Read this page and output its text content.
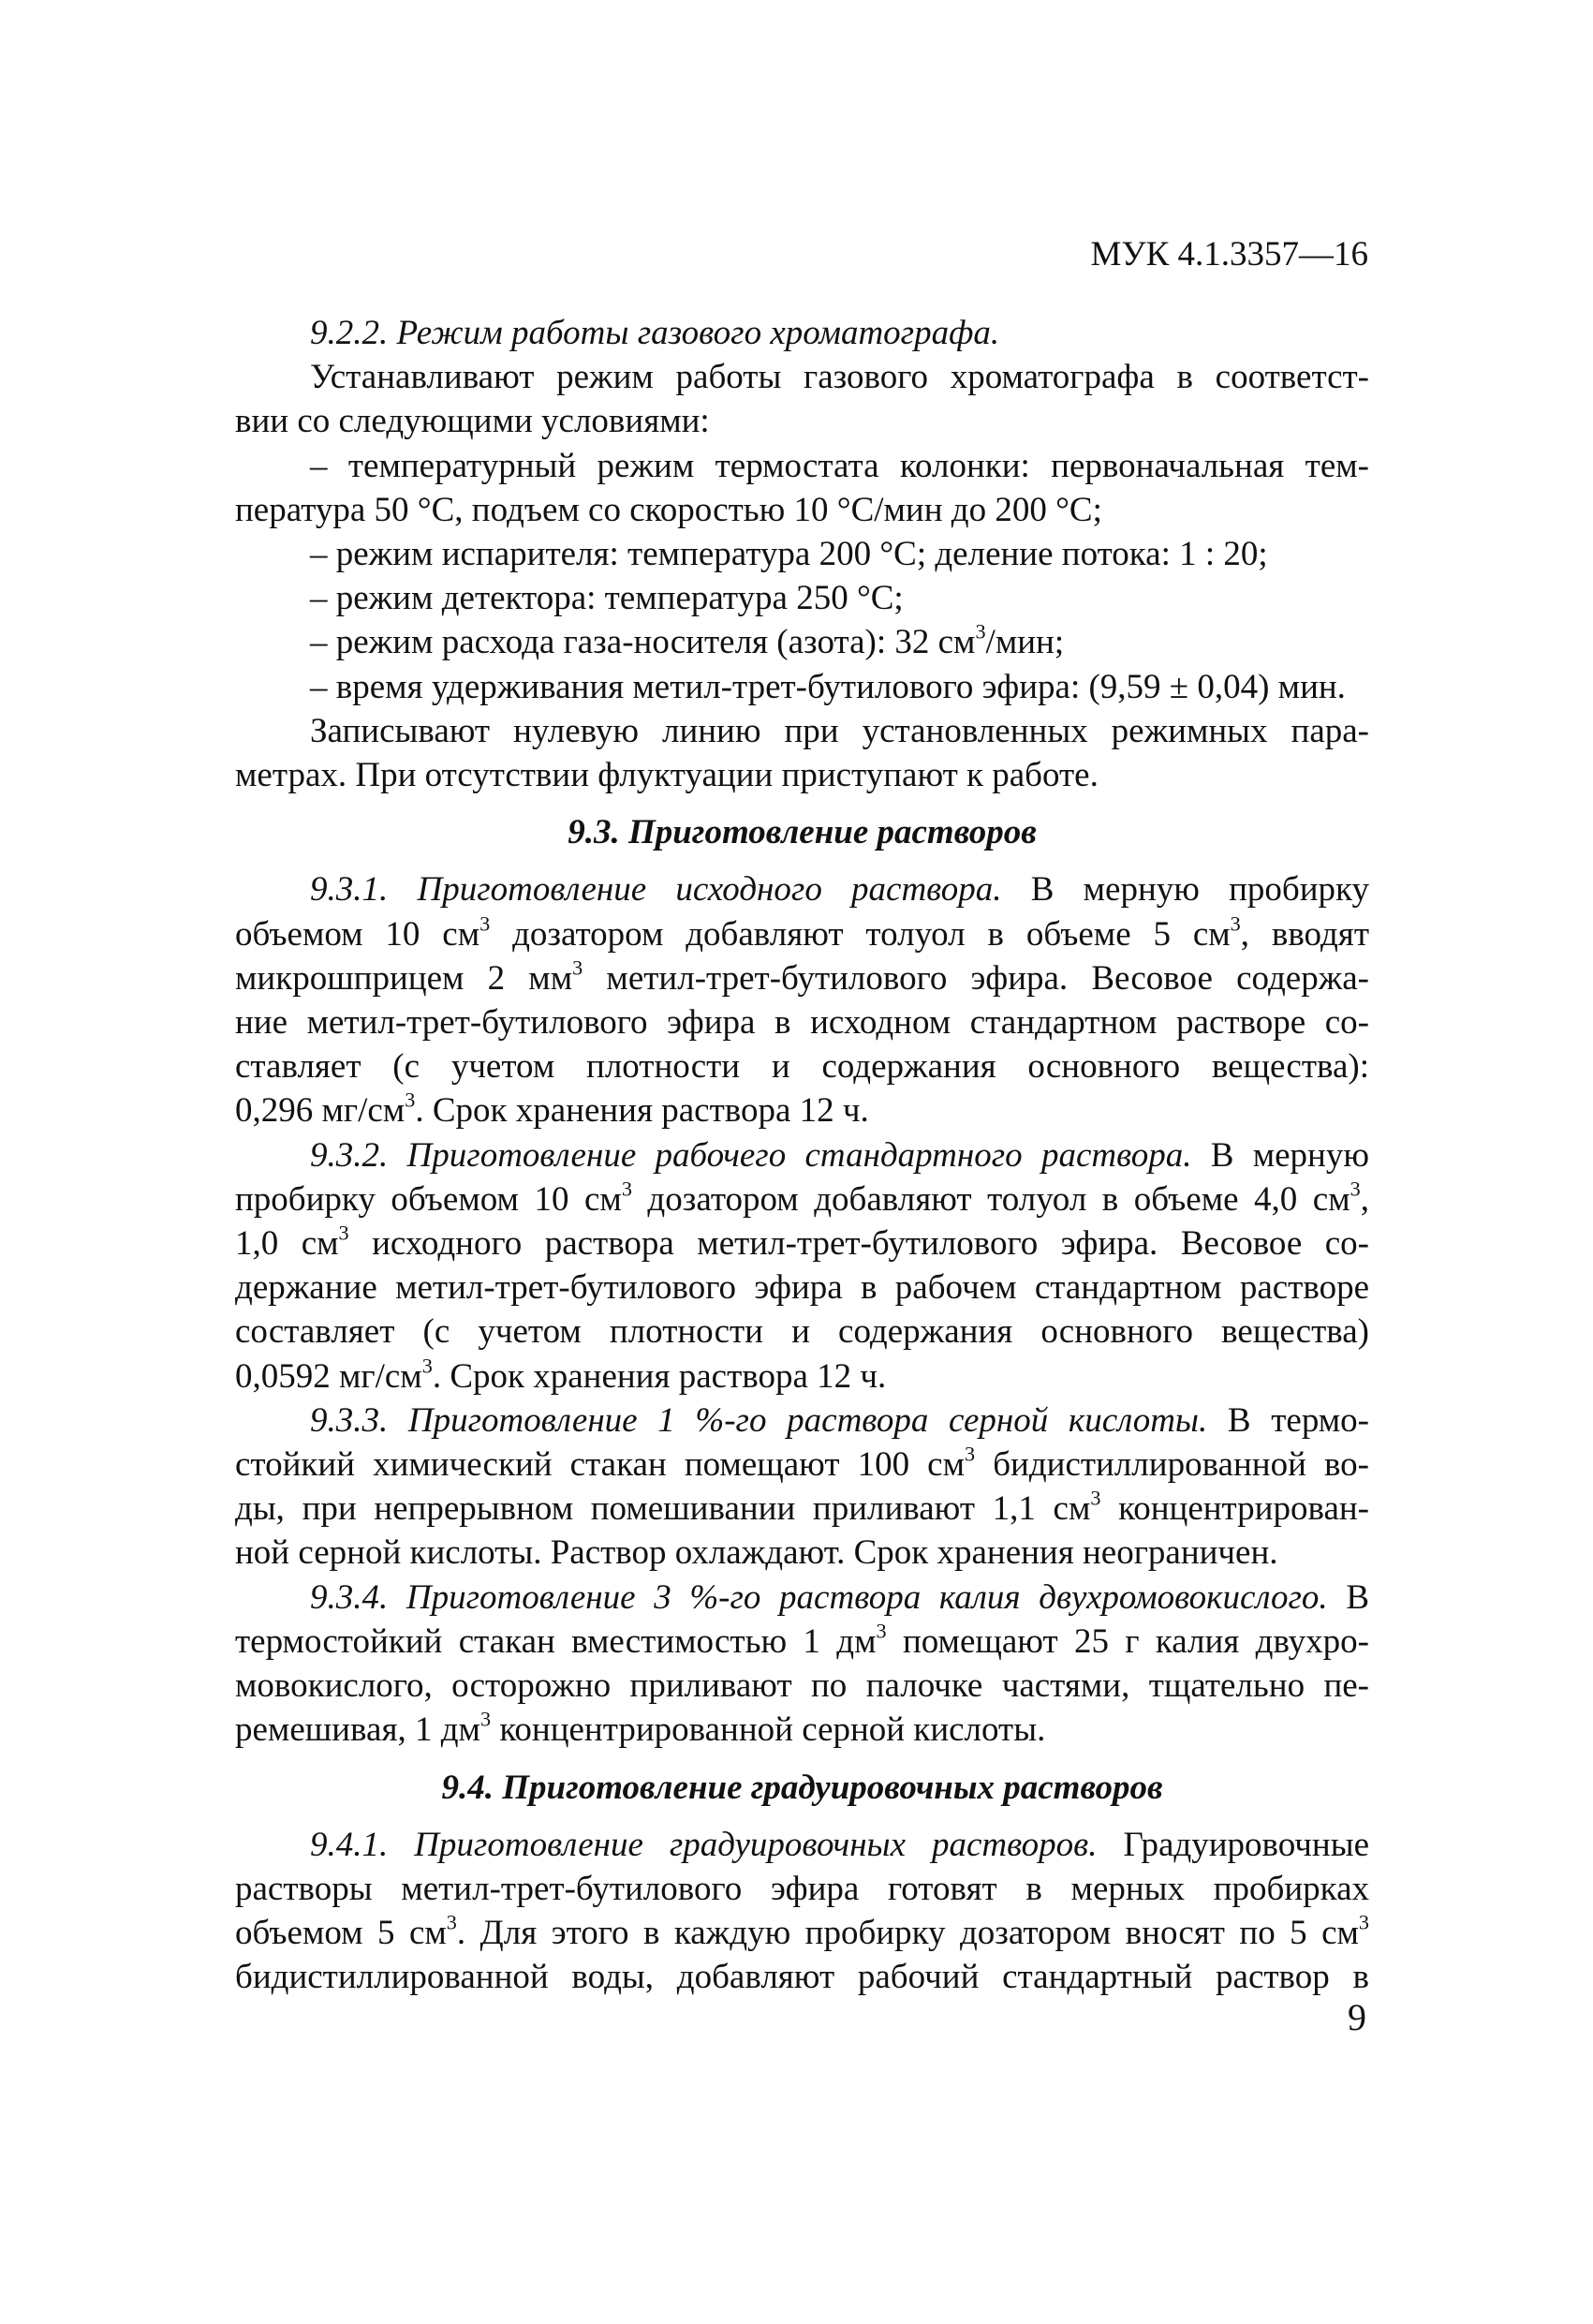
МУК 4.1.3357—16

9.2.2. Режим работы газового хроматографа.

Устанавливают режим работы газового хроматографа в соответст-

вии со следующими условиями:

– температурный режим термостата колонки: первоначальная тем-

пература 50 °С, подъем со скоростью 10 °С/мин до 200 °С;

– режим испарителя: температура 200 °С; деление потока: 1 : 20;

– режим детектора: температура 250 °С;

– режим расхода газа-носителя (азота): 32 $см^3$/мин;

– время удерживания метил-трет-бутилового эфира: (9,59 ± 0,04) мин.

Записывают нулевую линию при установленных режимных пара-

метрах. При отсутствии флуктуации приступают к работе.

9.3. Приготовление растворов

9.3.1. Приготовление исходного раствора. В мерную пробирку

объемом 10 $см^3$ дозатором добавляют толуол в объеме 5 $см^3$, вводят

микрошприцем 2 $мм^3$ метил-трет-бутилового эфира. Весовое содержа-

ние метил-трет-бутилового эфира в исходном стандартном растворе со-

ставляет (с учетом плотности и содержания основного вещества):

0,296 $мг/см^3$. Срок хранения раствора 12 ч.

9.3.2. Приготовление рабочего стандартного раствора. В мерную

пробирку объемом 10 $см^3$ дозатором добавляют толуол в объеме 4,0 $см^3$,

1,0 $см^3$ исходного раствора метил-трет-бутилового эфира. Весовое со-

держание метил-трет-бутилового эфира в рабочем стандартном растворе

составляет (с учетом плотности и содержания основного вещества)

0,0592 $мг/см^3$. Срок хранения раствора 12 ч.

9.3.3. Приготовление 1 %-го раствора серной кислоты. В термо-

стойкий химический стакан помещают 100 $см^3$ бидистиллированной во-

ды, при непрерывном помешивании приливают 1,1 $см^3$ концентрирован-

ной серной кислоты. Раствор охлаждают. Срок хранения неограничен.

9.3.4. Приготовление 3 %-го раствора калия двухромовокислого. В

термостойкий стакан вместимостью 1 $дм^3$ помещают 25 г калия двухро-

мовокислого, осторожно приливают по палочке частями, тщательно пе-

ремешивая, 1 $дм^3$ концентрированной серной кислоты.

9.4. Приготовление градуировочных растворов

9.4.1. Приготовление градуировочных растворов. Градуировочные

растворы метил-трет-бутилового эфира готовят в мерных пробирках

объемом 5 $см^3$. Для этого в каждую пробирку дозатором вносят по 5 $см^3$

бидистиллированной воды, добавляют рабочий стандартный раствор в

9
